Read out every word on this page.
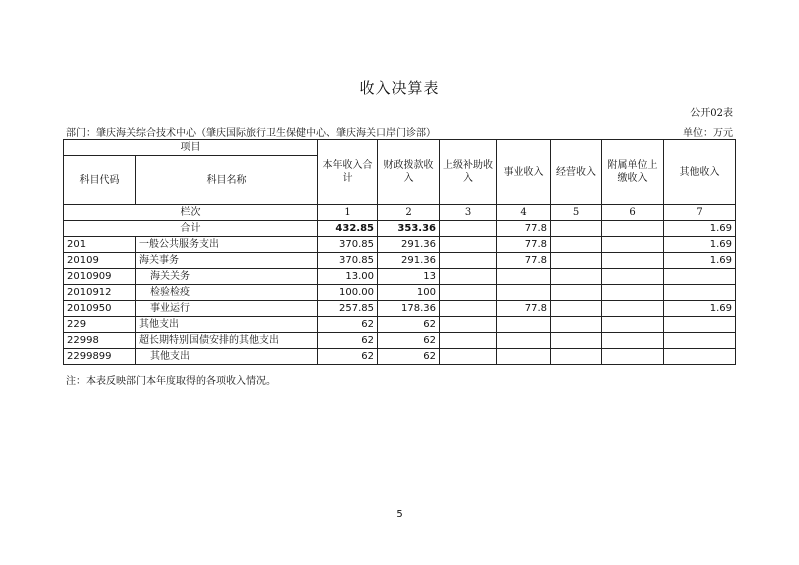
收入决算表
公开02表
部门：肇庆海关综合技术中心（肇庆国际旅行卫生保健中心、肇庆海关口岸门诊部）	单位：万元
项目		本年收入合计	财政拨款收入	上级补助收入	事业收入	经营收入	附属单位上缴收入	其他收入
科目代码	科目名称							
栏次		1	2	3	4	5	6	7
合计		432.85	353.36		77.8			1.69
201	一般公共服务支出	370.85	291.36		77.8			1.69
20109	海关事务	370.85	291.36		77.8			1.69
2010909	海关关务	13.00	13					
2010912	检验检疫	100.00	100					
2010950	事业运行	257.85	178.36		77.8			1.69
229	其他支出	62	62					
22998	超长期特别国债安排的其他支出	62	62					
2299899	其他支出	62	62					
注：本表反映部门本年度取得的各项收入情况。
5
